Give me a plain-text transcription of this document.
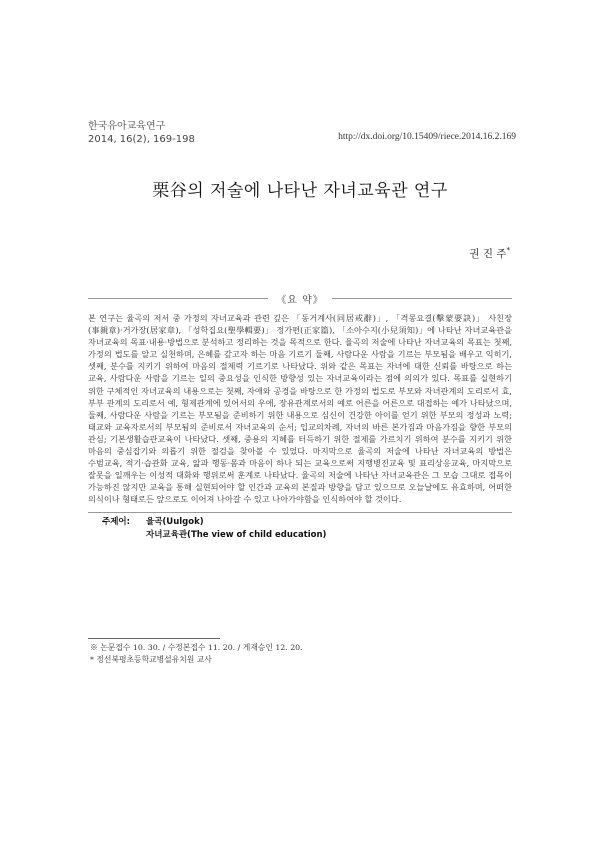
한국유아교육연구
2014, 16(2), 169-198	http://dx.doi.org/10.15409/riece.2014.16.2.169
栗谷의 저술에 나타난 자녀교육관 연구
권 진 주*
《요 약》
본 연구는 율곡의 저서 중 가정의 자녀교육과 관련 깊은 「동거계사(同居戒辭)」, 「격몽요결(擊蒙要訣)」 사친장(事親章)·거가장(居家章), 「성학집요(聖學輯要)」 정가편(正家篇), 「소아수지(小兒須知)」에 나타난 자녀교육관을 자녀교육의 목표·내용·방법으로 분석하고 정리하는 것을 목적으로 한다. 율곡의 저술에 나타난 자녀교육의 목표는 첫째, 가정의 법도를 알고 실천하며, 은혜를 갚고자 하는 마음 기르기 둘째, 사람다운 사람을 기르는 부모됨을 배우고 익히기, 셋째, 분수를 지키기 위하여 마음의 절제력 기르기로 나타났다. 위와 같은 목표는 자녀에 대한 신뢰를 바탕으로 하는 교육, 사람다운 사람을 기르는 일의 중요성을 인식한 방향성 있는 자녀교육이라는 점에 의의가 있다. 목표를 실현하기 위한 구체적인 자녀교육의 내용으로는 첫째, 자애와 공경을 바탕으로 한 가정의 법도로 부모와 자녀관계의 도리로서 효, 부부 관계의 도리로서 예, 형제관계에 있어서의 우애, 장유관계로서의 예로 어른을 어른으로 대접하는 예가 나타났으며, 둘째, 사람다운 사람을 기르는 부모됨을 준비하기 위한 내용으로 심신이 건강한 아이를 얻기 위한 부모의 정성과 노력; 태교와 교육자로서의 부모됨의 준비로서 자녀교육의 순서; 입교의차례, 자녀의 바른 본가짐과 마음가짐을 향한 부모의 관심; 기본생활습관교육이 나타났다. 셋째, 중용의 지혜를 터득하기 위한 절제를 가르치기 위하여 분수를 지키기 위한 마음의 중심잡기와 의롭기 위한 절검을 찾아볼 수 있었다. 마지막으로 율곡의 저술에 나타난 자녀교육의 방법은 수범교육, 적기·습관화 교육, 앎과 행동·몸과 마음이 하나 되는 교육으로써 지행병진교육 및 표리상응교육, 마지막으로 잘못을 일깨우는 이성적 대화와 행위로써 훈계로 나타났다. 율곡의 저술에 나타난 자녀교육관은 그 모습 그대로 접목이 가능하진 않지만 교육을 통해 실현되어야 할 인간과 교육의 본질과 방향을 담고 있으므로 오늘날에도 유효하며, 어떠한 의식이나 형태로든 앞으로도 이어져 나아갈 수 있고 나아가야함을 인식하여야 할 것이다.
주제어:	율곡(Uulgok)
자녀교육관(The view of child education)
※ 논문접수 10. 30. / 수정본접수 11. 20. / 게재승인 12. 20.
* 정선북평초등학교병설유치원 교사
